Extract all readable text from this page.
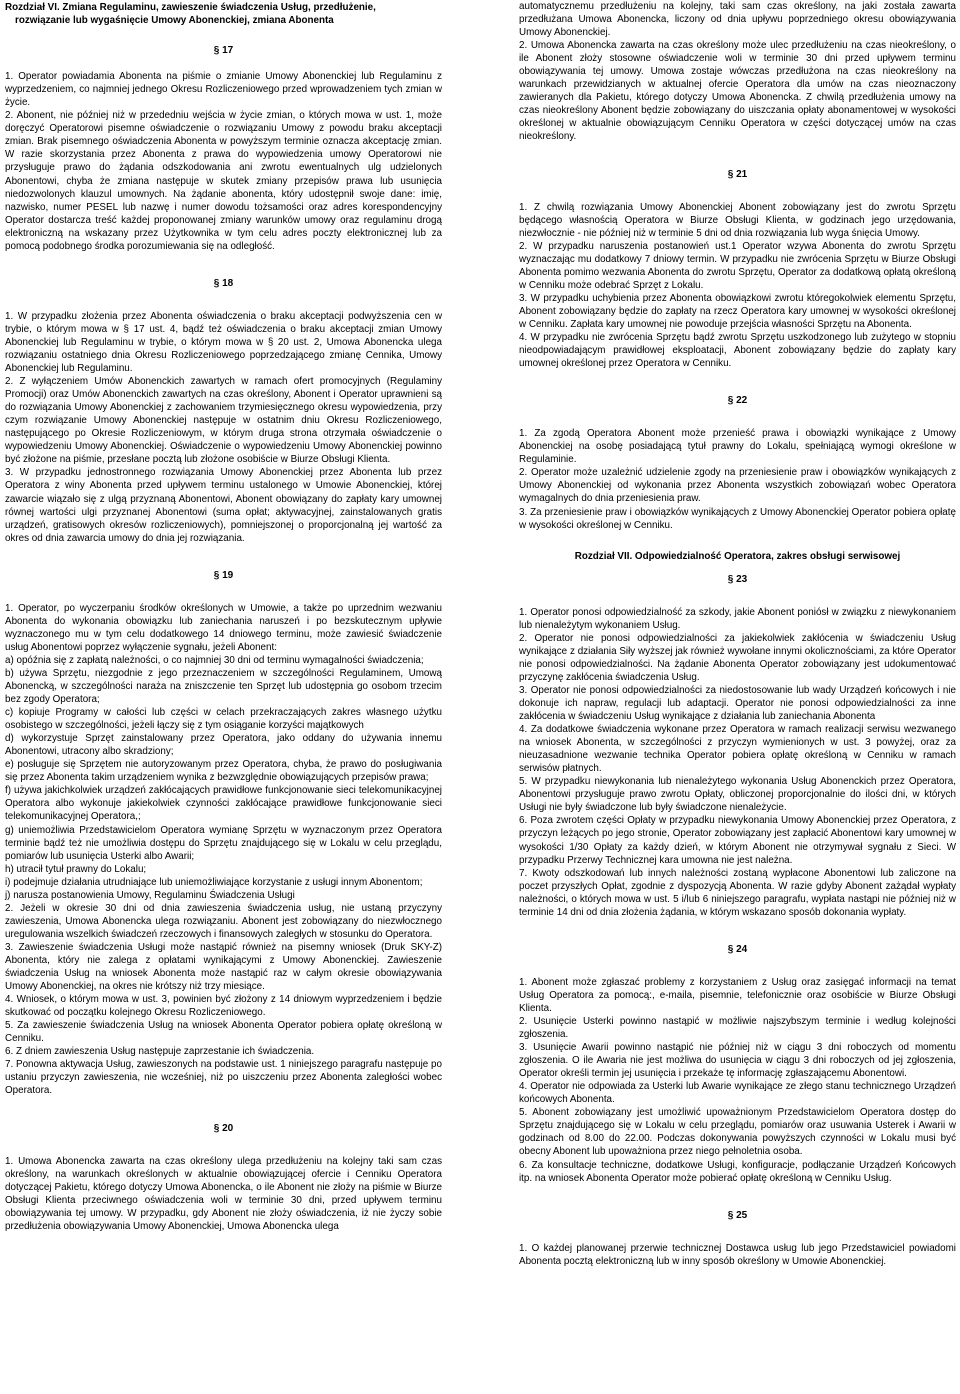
Rozdział VI. Zmiana Regulaminu, zawieszenie świadczenia Usług, przedłużenie,
rozwiązanie lub wygaśnięcie Umowy Abonenckiej, zmiana Abonenta
§ 17

1. Operator powiadamia Abonenta na piśmie o zmianie Umowy Abonenckiej lub Regulaminu z wyprzedzeniem, co najmniej jednego Okresu Rozliczeniowego przed wprowadzeniem tych zmian w życie.

2. Abonent, nie później niż w przededniu wejścia w życie zmian, o których mowa w ust. 1, może doręczyć Operatorowi pisemne oświadczenie o rozwiązaniu Umowy z powodu braku akceptacji zmian. Brak pisemnego oświadczenia Abonenta w powyższym terminie oznacza akceptację zmian. W razie skorzystania przez Abonenta z prawa do wypowiedzenia umowy Operatorowi nie przysługuje prawo do żądania odszkodowania ani zwrotu ewentualnych ulg udzielonych Abonentowi, chyba że zmiana następuje w skutek zmiany przepisów prawa lub usunięcia niedozwolonych klauzul umownych. Na żądanie abonenta, który udostępnił swoje dane: imię, nazwisko, numer PESEL lub nazwę i numer dowodu tożsamości oraz adres korespondencyjny Operator dostarcza treść każdej proponowanej zmiany warunków umowy oraz regulaminu drogą elektroniczną na wskazany przez Użytkownika w tym celu adres poczty elektronicznej lub za pomocą podobnego środka porozumiewania się na odległość.

§ 18

1. W przypadku złożenia przez Abonenta oświadczenia o braku akceptacji podwyższenia cen w trybie, o którym mowa w § 17 ust. 4, bądź też oświadczenia o braku akceptacji zmian Umowy Abonenckiej lub Regulaminu w trybie, o którym mowa w § 20 ust. 2, Umowa Abonencka ulega rozwiązaniu ostatniego dnia Okresu Rozliczeniowego poprzedzającego zmianę Cennika, Umowy Abonenckiej lub Regulaminu.

2. Z wyłączeniem Umów Abonenckich zawartych w ramach ofert promocyjnych (Regulaminy Promocji) oraz Umów Abonenckich zawartych na czas określony, Abonent i Operator uprawnieni są do rozwiązania Umowy Abonenckiej z zachowaniem trzymiesięcznego okresu wypowiedzenia, przy czym rozwiązanie Umowy Abonenckiej następuje w ostatnim dniu Okresu Rozliczeniowego, następującego po Okresie Rozliczeniowym, w którym druga strona otrzymała oświadczenie o wypowiedzeniu Umowy Abonenckiej. Oświadczenie o wypowiedzeniu Umowy Abonenckiej powinno być złożone na piśmie, przesłane pocztą lub złożone osobiście w Biurze Obsługi Klienta.

3. W przypadku jednostronnego rozwiązania Umowy Abonenckiej przez Abonenta lub przez Operatora z winy Abonenta przed upływem terminu ustalonego w Umowie Abonenckiej, której zawarcie wiązało się z ulgą przyznaną Abonentowi, Abonent obowiązany do zapłaty kary umownej równej wartości ulgi przyznanej Abonentowi (suma opłat; aktywacyjnej, zainstalowanych gratis urządzeń, gratisowych okresów rozliczeniowych), pomniejszonej o proporcjonalną jej wartość za okres od dnia zawarcia umowy do dnia jej rozwiązania.

§ 19

1. Operator, po wyczerpaniu środków określonych w Umowie, a także po uprzednim wezwaniu Abonenta do wykonania obowiązku lub zaniechania naruszeń i po bezskutecznym upływie wyznaczonego mu w tym celu dodatkowego 14 dniowego terminu, może zawiesić świadczenie usług Abonentowi poprzez wyłączenie sygnału, jeżeli Abonent:

a) opóźnia się z zapłatą należności, o co najmniej 30 dni od terminu wymagalności świadczenia;

b) używa Sprzętu, niezgodnie z jego przeznaczeniem w szczególności Regulaminem, Umową Abonencką, w szczególności naraża na zniszczenie ten Sprzęt lub udostępnia go osobom trzecim bez zgody Operatora;

c) kopiuje Programy w całości lub części w celach przekraczających zakres własnego użytku osobistego w szczególności, jeżeli łączy się z tym osiąganie korzyści majątkowych

d) wykorzystuje Sprzęt zainstalowany przez Operatora, jako oddany do używania innemu Abonentowi, utracony albo skradziony;

e) posługuje się Sprzętem nie autoryzowanym przez Operatora, chyba, że prawo do posługiwania się przez Abonenta takim urządzeniem wynika z bezwzględnie obowiązujących przepisów prawa;

f) używa jakichkolwiek urządzeń zakłócających prawidłowe funkcjonowanie sieci telekomunikacyjnej Operatora albo wykonuje jakiekolwiek czynności zakłócające prawidłowe funkcjonowanie sieci telekomunikacyjnej Operatora,;

g) uniemożliwia Przedstawicielom Operatora wymianę Sprzętu w wyznaczonym przez Operatora terminie bądź też nie umożliwia dostępu do Sprzętu znajdującego się w Lokalu w celu przeglądu, pomiarów lub usunięcia Usterki albo Awarii;

h) utracił tytuł prawny do Lokalu;

i) podejmuje działania utrudniające lub uniemożliwiające korzystanie z usługi innym Abonentom;

j) narusza postanowienia Umowy, Regulaminu Świadczenia Usługi

2. Jeżeli w okresie 30 dni od dnia zawieszenia świadczenia usług, nie ustaną przyczyny zawieszenia, Umowa Abonencka ulega rozwiązaniu. Abonent jest zobowiązany do niezwłocznego uregulowania wszelkich świadczeń rzeczowych i finansowych zaległych w stosunku do Operatora.

3. Zawieszenie świadczenia Usługi może nastąpić również na pisemny wniosek (Druk SKY-Z) Abonenta, który nie zalega z opłatami wynikającymi z Umowy Abonenckiej. Zawieszenie świadczenia Usług na wniosek Abonenta może nastąpić raz w całym okresie obowiązywania Umowy Abonenckiej, na okres nie krótszy niż trzy miesiące.

4. Wniosek, o którym mowa w ust. 3, powinien być złożony z 14 dniowym wyprzedzeniem i będzie skutkować od początku kolejnego Okresu Rozliczeniowego.

5. Za zawieszenie świadczenia Usług na wniosek Abonenta Operator pobiera opłatę określoną w Cenniku.

6. Z dniem zawieszenia Usług następuje zaprzestanie ich świadczenia.

7. Ponowna aktywacja Usług, zawieszonych na podstawie ust. 1 niniejszego paragrafu następuje po ustaniu przyczyn zawieszenia, nie wcześniej, niż po uiszczeniu przez Abonenta zaległości wobec Operatora.

§ 20

1. Umowa Abonencka zawarta na czas określony ulega przedłużeniu na kolejny taki sam czas określony, na warunkach określonych w aktualnie obowiązującej ofercie i Cenniku Operatora dotyczącej Pakietu, którego dotyczy Umowa Abonencka, o ile Abonent nie złoży na piśmie w Biurze Obsługi Klienta przeciwnego oświadczenia woli w terminie 30 dni, przed upływem terminu obowiązywania tej umowy. W przypadku, gdy Abonent nie złoży oświadczenia, iż nie życzy sobie przedłużenia obowiązywania Umowy Abonenckiej, Umowa Abonencka ulega

automatycznemu przedłużeniu na kolejny, taki sam czas określony, na jaki została zawarta przedłużana Umowa Abonencka, liczony od dnia upływu poprzedniego okresu obowiązywania Umowy Abonenckiej.

2. Umowa Abonencka zawarta na czas określony może ulec przedłużeniu na czas nieokreślony, o ile Abonent złoży stosowne oświadczenie woli w terminie 30 dni przed upływem terminu obowiązywania tej umowy. Umowa zostaje wówczas przedłużona na czas nieokreślony na warunkach przewidzianych w aktualnej ofercie Operatora dla umów na czas nieoznaczony zawieranych dla Pakietu, którego dotyczy Umowa Abonencka. Z chwilą przedłużenia umowy na czas nieokreślony Abonent będzie zobowiązany do uiszczania opłaty abonamentowej w wysokości określonej w aktualnie obowiązującym Cenniku Operatora w części dotyczącej umów na czas nieokreślony.

§ 21

1. Z chwilą rozwiązania Umowy Abonenckiej Abonent zobowiązany jest do zwrotu Sprzętu będącego własnością Operatora w Biurze Obsługi Klienta, w godzinach jego urzędowania, niezwłocznie - nie później niż w terminie 5 dni od dnia rozwiązania lub wyga śnięcia Umowy.

2. W przypadku naruszenia postanowień ust.1 Operator wzywa Abonenta do zwrotu Sprzętu wyznaczając mu dodatkowy 7 dniowy termin. W przypadku nie zwrócenia Sprzętu w Biurze Obsługi Abonenta pomimo wezwania Abonenta do zwrotu Sprzętu, Operator za dodatkową opłatą określoną w Cenniku może odebrać Sprzęt z Lokalu.

3. W przypadku uchybienia przez Abonenta obowiązkowi zwrotu któregokolwiek elementu Sprzętu, Abonent zobowiązany będzie do zapłaty na rzecz Operatora kary umownej w wysokości określonej w Cenniku. Zapłata kary umownej nie powoduje przejścia własności Sprzętu na Abonenta.

4. W przypadku nie zwrócenia Sprzętu bądź zwrotu Sprzętu uszkodzonego lub zużytego w stopniu nieodpowiadającym prawidłowej eksploatacji, Abonent zobowiązany będzie do zapłaty kary umownej określonej przez Operatora w Cenniku.

§ 22

1. Za zgodą Operatora Abonent może przenieść prawa i obowiązki wynikające z Umowy Abonenckiej na osobę posiadającą tytuł prawny do Lokalu, spełniającą wymogi określone w Regulaminie.

2. Operator może uzależnić udzielenie zgody na przeniesienie praw i obowiązków wynikających z Umowy Abonenckiej od wykonania przez Abonenta wszystkich zobowiązań wobec Operatora wymagalnych do dnia przeniesienia praw.

3. Za przeniesienie praw i obowiązków wynikających z Umowy Abonenckiej Operator pobiera opłatę w wysokości określonej w Cenniku.

Rozdział VII. Odpowiedzialność Operatora, zakres obsługi serwisowej
§ 23

1. Operator ponosi odpowiedzialność za szkody, jakie Abonent poniósł w związku z niewykonaniem lub nienależytym wykonaniem Usług.

2. Operator nie ponosi odpowiedzialności za jakiekolwiek zakłócenia w świadczeniu Usług wynikające z działania Siły wyższej jak również wywołane innymi okolicznościami, za które Operator nie ponosi odpowiedzialności. Na żądanie Abonenta Operator zobowiązany jest udokumentować przyczynę zakłócenia świadczenia Usług.

3. Operator nie ponosi odpowiedzialności za niedostosowanie lub wady Urządzeń końcowych i nie dokonuje ich napraw, regulacji lub adaptacji. Operator nie ponosi odpowiedzialności za inne zakłócenia w świadczeniu Usług wynikające z działania lub zaniechania Abonenta

4. Za dodatkowe świadczenia wykonane przez Operatora w ramach realizacji serwisu wezwanego na wniosek Abonenta, w szczególności z przyczyn wymienionych w ust. 3 powyżej, oraz za nieuzasadnione wezwanie technika Operator pobiera opłatę określoną w Cenniku w ramach serwisów płatnych.

5. W przypadku niewykonania lub nienależytego wykonania Usług Abonenckich przez Operatora, Abonentowi przysługuje prawo zwrotu Opłaty, obliczonej proporcjonalnie do ilości dni, w których Usługi nie były świadczone lub były świadczone nienależycie.

6. Poza zwrotem części Opłaty w przypadku niewykonania Umowy Abonenckiej przez Operatora, z przyczyn leżących po jego stronie, Operator zobowiązany jest zapłacić Abonentowi kary umownej w wysokości 1/30 Opłaty za każdy dzień, w którym Abonent nie otrzymywał sygnału z Sieci. W przypadku Przerwy Technicznej kara umowna nie jest należna.

7. Kwoty odszkodowań lub innych należności zostaną wypłacone Abonentowi lub zaliczone na poczet przyszłych Opłat, zgodnie z dyspozycją Abonenta. W razie gdyby Abonent zażądał wypłaty należności, o których mowa w ust. 5 i/lub 6 niniejszego paragrafu, wypłata nastąpi nie później niż w terminie 14 dni od dnia złożenia żądania, w którym wskazano sposób dokonania wypłaty.

§ 24

1. Abonent może zgłaszać problemy z korzystaniem z Usług oraz zasięgać informacji na temat Usług Operatora za pomocą:, e-maila, pisemnie, telefonicznie oraz osobiście w Biurze Obsługi Klienta.

2. Usunięcie Usterki powinno nastąpić w możliwie najszybszym terminie i według kolejności zgłoszenia.

3. Usunięcie Awarii powinno nastąpić nie później niż w ciągu 3 dni roboczych od momentu zgłoszenia. O ile Awaria nie jest możliwa do usunięcia w ciągu 3 dni roboczych od jej zgłoszenia, Operator określi termin jej usunięcia i przekaże tę informację zgłaszającemu Abonentowi.

4. Operator nie odpowiada za Usterki lub Awarie wynikające ze złego stanu technicznego Urządzeń końcowych Abonenta.

5. Abonent zobowiązany jest umożliwić upoważnionym Przedstawicielom Operatora dostęp do Sprzętu znajdującego się w Lokalu w celu przeglądu, pomiarów oraz usuwania Usterek i Awarii w godzinach od 8.00 do 22.00. Podczas dokonywania powyższych czynności w Lokalu musi być obecny Abonent lub upoważniona przez niego pełnoletnia osoba.

6. Za konsultacje techniczne, dodatkowe Usługi, konfiguracje, podłączanie Urządzeń Końcowych itp. na wniosek Abonenta Operator może pobierać opłatę określoną w Cenniku Usług.

§ 25

1. O każdej planowanej przerwie technicznej Dostawca usług lub jego Przedstawiciel powiadomi Abonenta pocztą elektroniczną lub w inny sposób określony w Umowie Abonenckiej.
